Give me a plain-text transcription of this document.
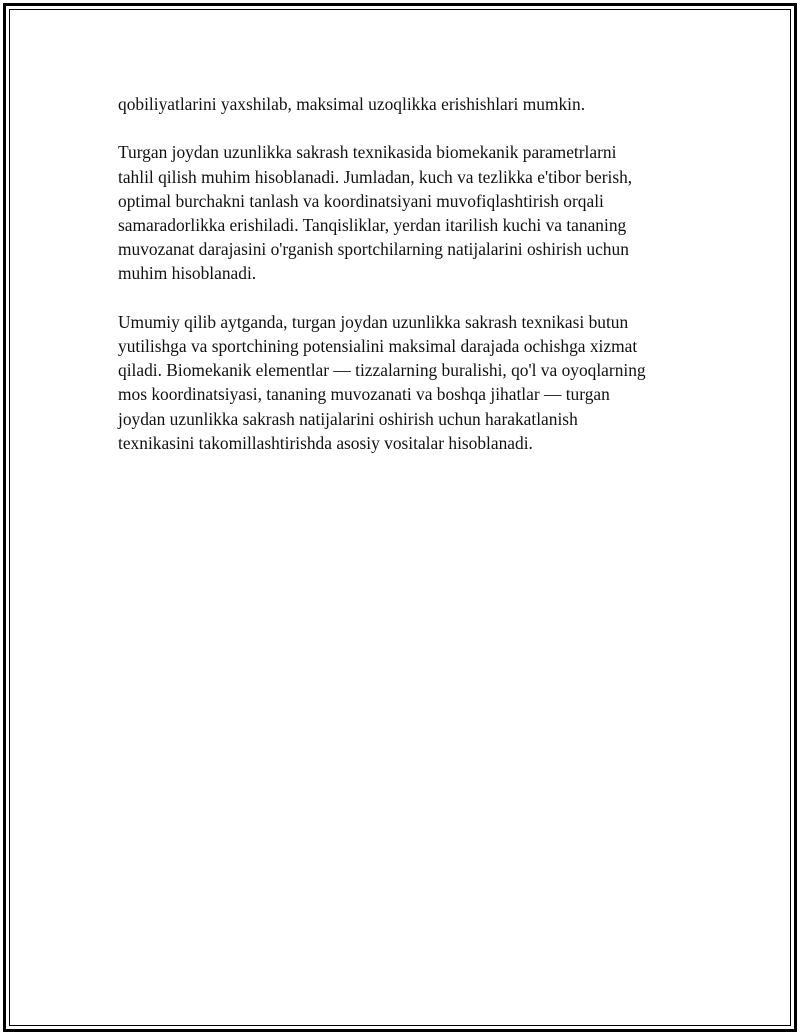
qobiliyatlarini yaxshilab, maksimal uzoqlikka erishishlari mumkin.

Turgan joydan uzunlikka sakrash texnikasida biomekanik parametrlarni
tahlil qilish muhim hisoblanadi. Jumladan, kuch va tezlikka e'tibor berish,
optimal burchakni tanlash va koordinatsiyani muvofiqlashtirish orqali
samaradorlikka erishiladi. Tanqisliklar, yerdan itarilish kuchi va tananing
muvozanat darajasini o'rganish sportchilarning natijalarini oshirish uchun
muhim hisoblanadi.

Umumiy qilib aytganda, turgan joydan uzunlikka sakrash texnikasi butun
yutilishga va sportchining potensialini maksimal darajada ochishga xizmat
qiladi. Biomekanik elementlar — tizzalarning buralishi, qo'l va oyoqlarning
mos koordinatsiyasi, tananing muvozanati va boshqa jihatlar — turgan
joydan uzunlikka sakrash natijalarini oshirish uchun harakatlanish
texnikasini takomillashtirishda asosiy vositalar hisoblanadi.
